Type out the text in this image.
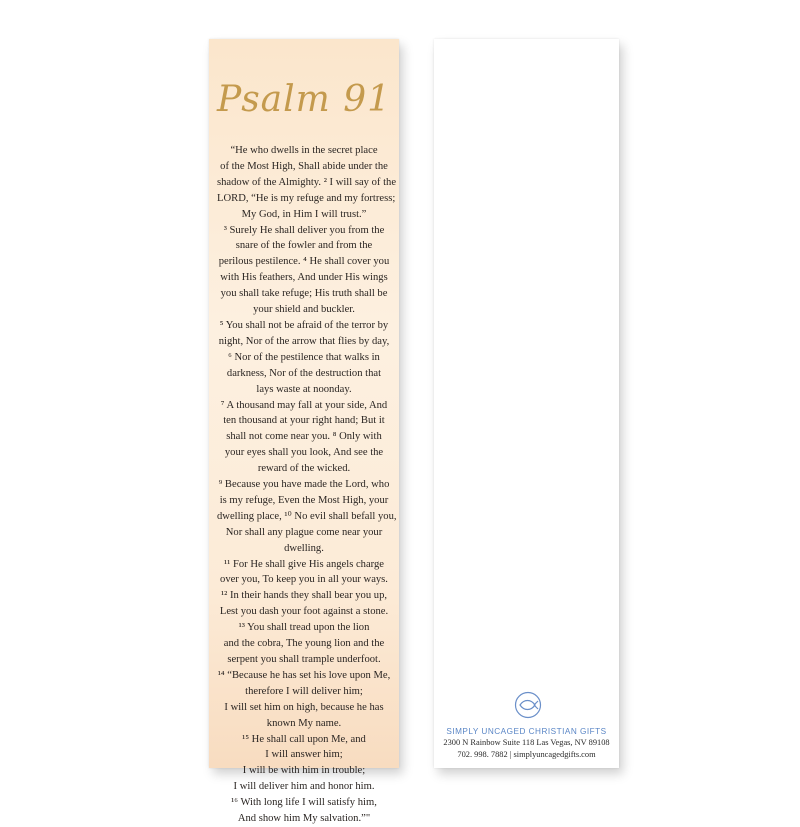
Psalm 91
“He who dwells in the secret place
of the Most High, Shall abide under the
shadow of the Almighty. ² I will say of the
LORD, “He is my refuge and my fortress;
My God, in Him I will trust.”
³ Surely He shall deliver you from the
snare of the fowler and from the
perilous pestilence. ⁴ He shall cover you
with His feathers, And under His wings
you shall take refuge; His truth shall be
your shield and buckler.
⁵ You shall not be afraid of the terror by
night, Nor of the arrow that flies by day,
⁶ Nor of the pestilence that walks in
darkness, Nor of the destruction that
lays waste at noonday.
⁷ A thousand may fall at your side, And
ten thousand at your right hand; But it
shall not come near you. ⁸ Only with
your eyes shall you look, And see the
reward of the wicked.
⁹ Because you have made the Lord, who
is my refuge, Even the Most High, your
dwelling place, ¹⁰ No evil shall befall you,
Nor shall any plague come near your
dwelling.
¹¹ For He shall give His angels charge
over you, To keep you in all your ways.
¹² In their hands they shall bear you up,
Lest you dash your foot against a stone.
¹³ You shall tread upon the lion
and the cobra, The young lion and the
serpent you shall trample underfoot.
¹⁴ “Because he has set his love upon Me,
therefore I will deliver him;
I will set him on high, because he has
known My name.
¹⁵ He shall call upon Me, and
I will answer him;
I will be with him in trouble;
I will deliver him and honor him.
¹⁶ With long life I will satisfy him,
And show him My salvation.”"
SIMPLY UNCAGED CHRISTIAN GIFTS
2300 N Rainbow Suite 118 Las Vegas, NV 89108
702. 998. 7882 | simplyuncagedgifts.com
